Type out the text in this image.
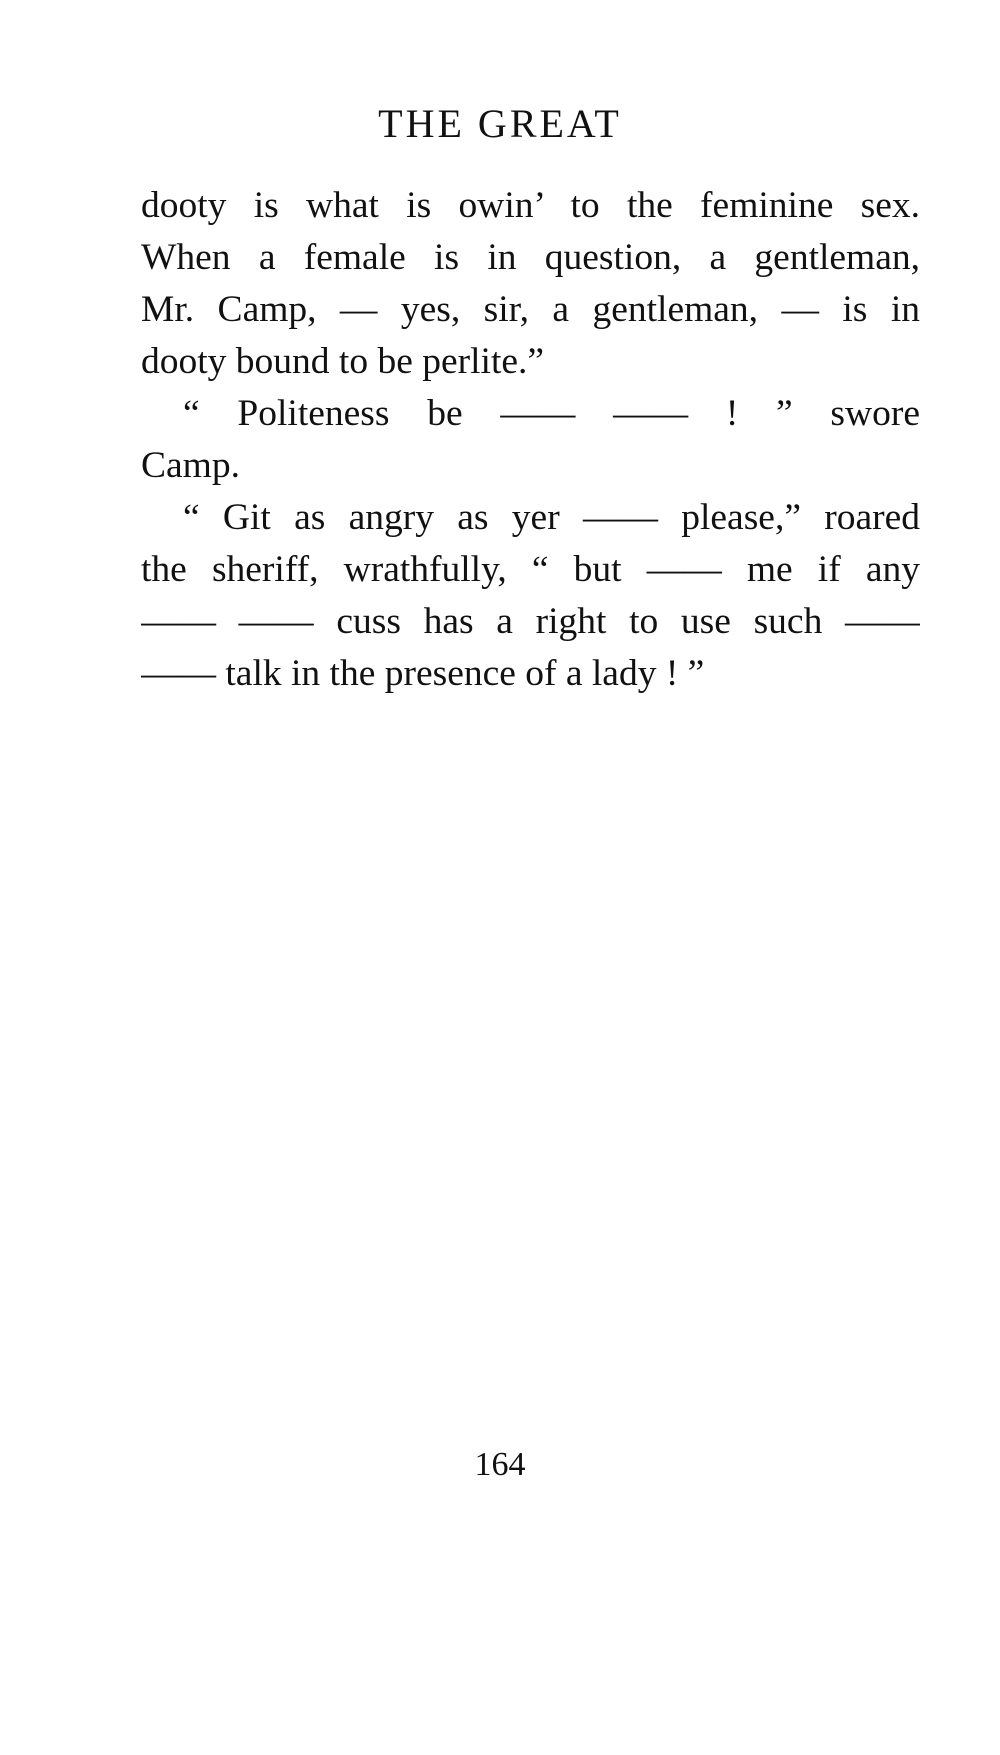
THE GREAT
dooty is what is owin’ to the feminine sex.
When a female is in question, a gentleman,
Mr. Camp, — yes, sir, a gentleman, — is in
dooty bound to be perlite.”
“ Politeness be —— —— ! ” swore
Camp.
“ Git as angry as yer —— please,” roared
the sheriff, wrathfully, “ but —— me if any
—— —— cuss has a right to use such ——
—— talk in the presence of a lady ! ”
164
